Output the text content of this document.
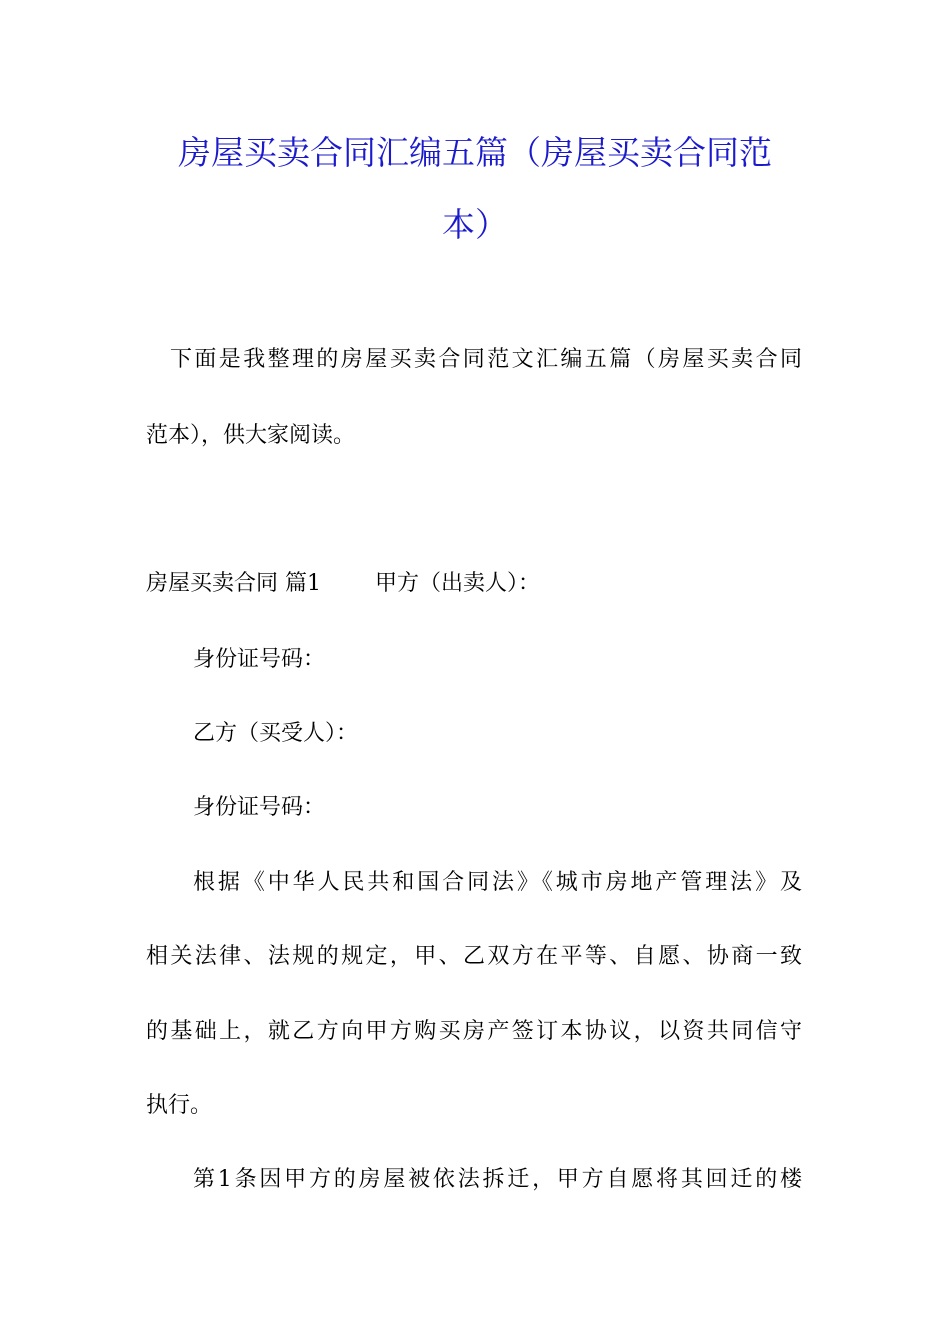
房屋买卖合同汇编五篇（房屋买卖合同范
本）
下面是我整理的房屋买卖合同范文汇编五篇（房屋买卖合同
范本），供大家阅读。
房屋买卖合同 篇1 甲方（出卖人）：
身份证号码：
乙方（买受人）：
身份证号码：
根据《中华人民共和国合同法》《城市房地产管理法》及
相关法律、法规的规定，甲、乙双方在平等、自愿、协商一致
的基础上，就乙方向甲方购买房产签订本协议，以资共同信守
执行。
第1条因甲方的房屋被依法拆迁，甲方自愿将其回迁的楼
